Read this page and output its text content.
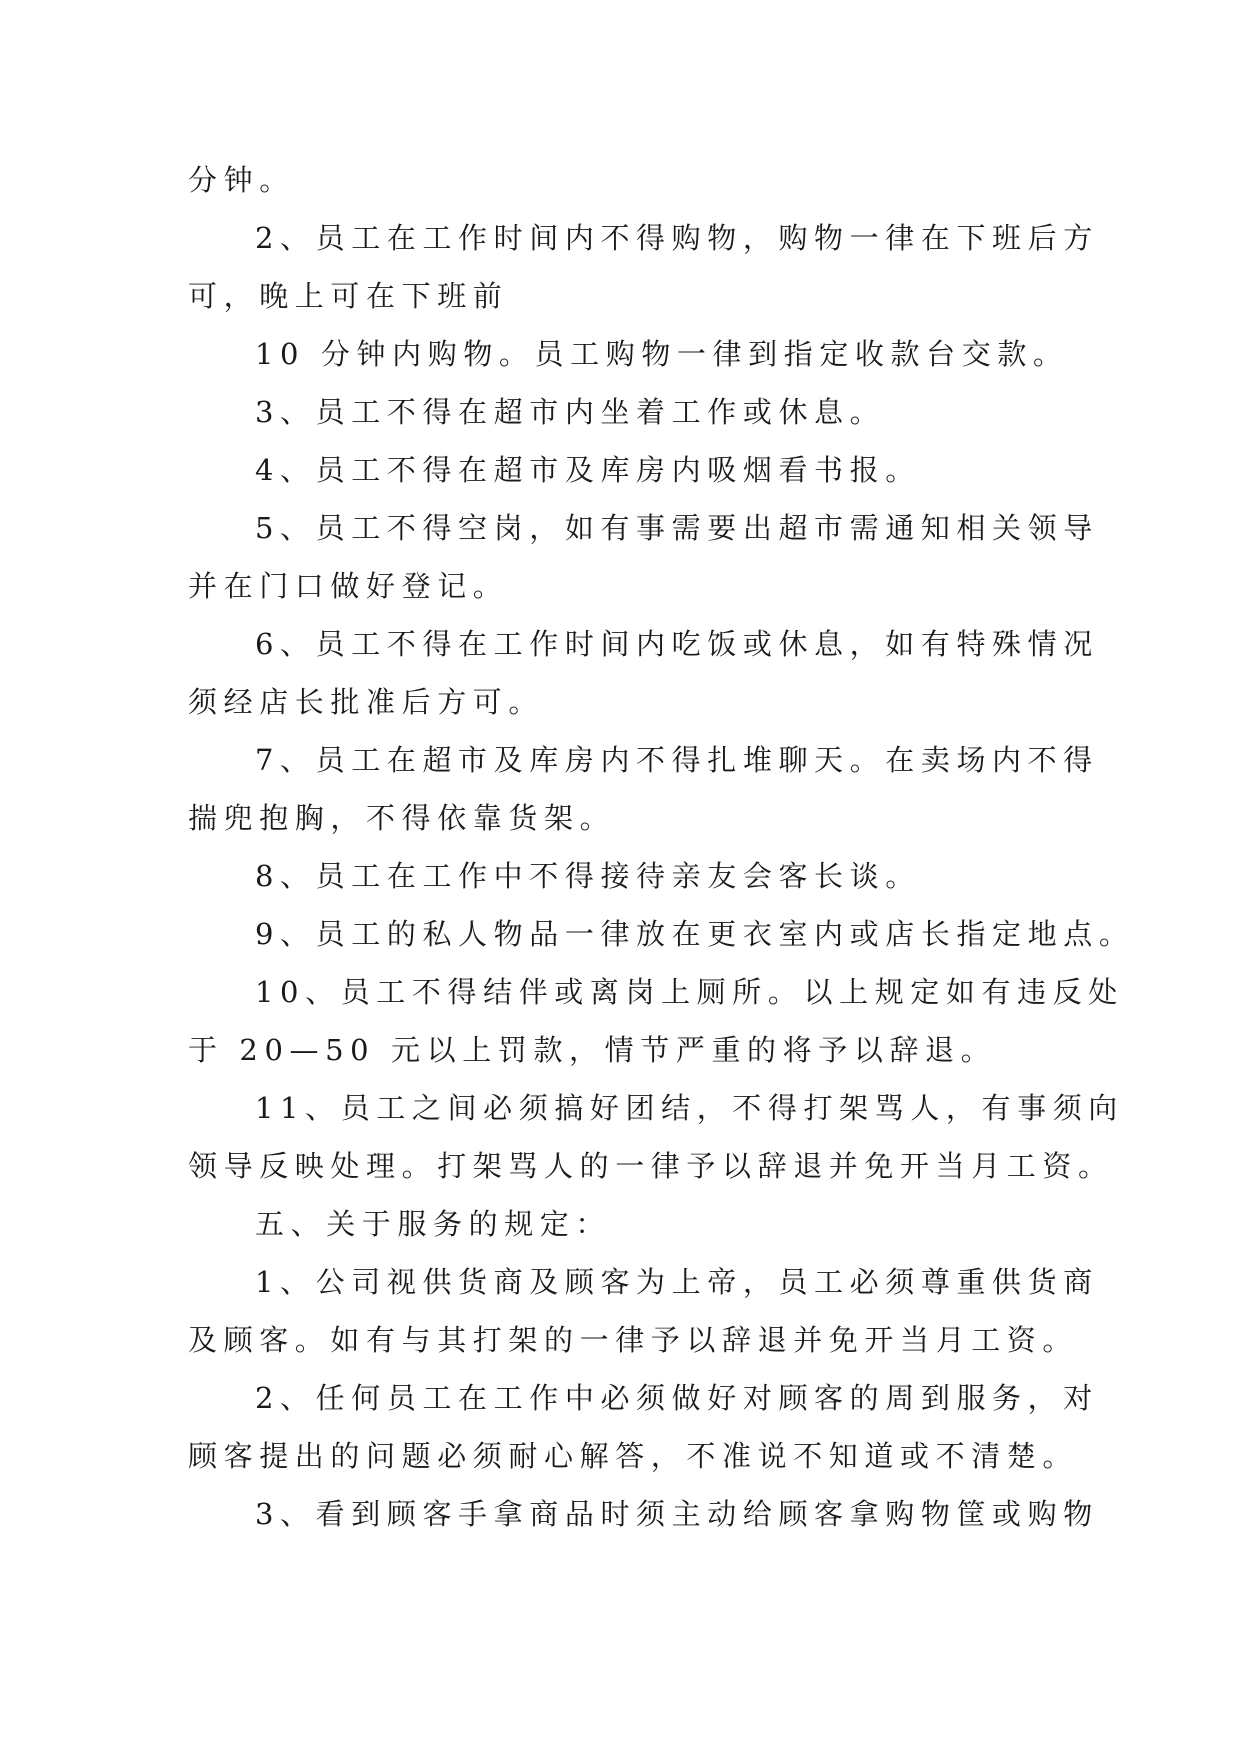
分钟。
2、员工在工作时间内不得购物，购物一律在下班后方
可，晚上可在下班前
10 分钟内购物。员工购物一律到指定收款台交款。
3、员工不得在超市内坐着工作或休息。
4、员工不得在超市及库房内吸烟看书报。
5、员工不得空岗，如有事需要出超市需通知相关领导
并在门口做好登记。
6、员工不得在工作时间内吃饭或休息，如有特殊情况
须经店长批准后方可。
7、员工在超市及库房内不得扎堆聊天。在卖场内不得
揣兜抱胸，不得依靠货架。
8、员工在工作中不得接待亲友会客长谈。
9、员工的私人物品一律放在更衣室内或店长指定地点。
10、员工不得结伴或离岗上厕所。以上规定如有违反处
于 20—50 元以上罚款，情节严重的将予以辞退。
11、员工之间必须搞好团结，不得打架骂人，有事须向
领导反映处理。打架骂人的一律予以辞退并免开当月工资。
五、关于服务的规定：
1、公司视供货商及顾客为上帝，员工必须尊重供货商
及顾客。如有与其打架的一律予以辞退并免开当月工资。
2、任何员工在工作中必须做好对顾客的周到服务，对
顾客提出的问题必须耐心解答，不准说不知道或不清楚。
3、看到顾客手拿商品时须主动给顾客拿购物筐或购物
